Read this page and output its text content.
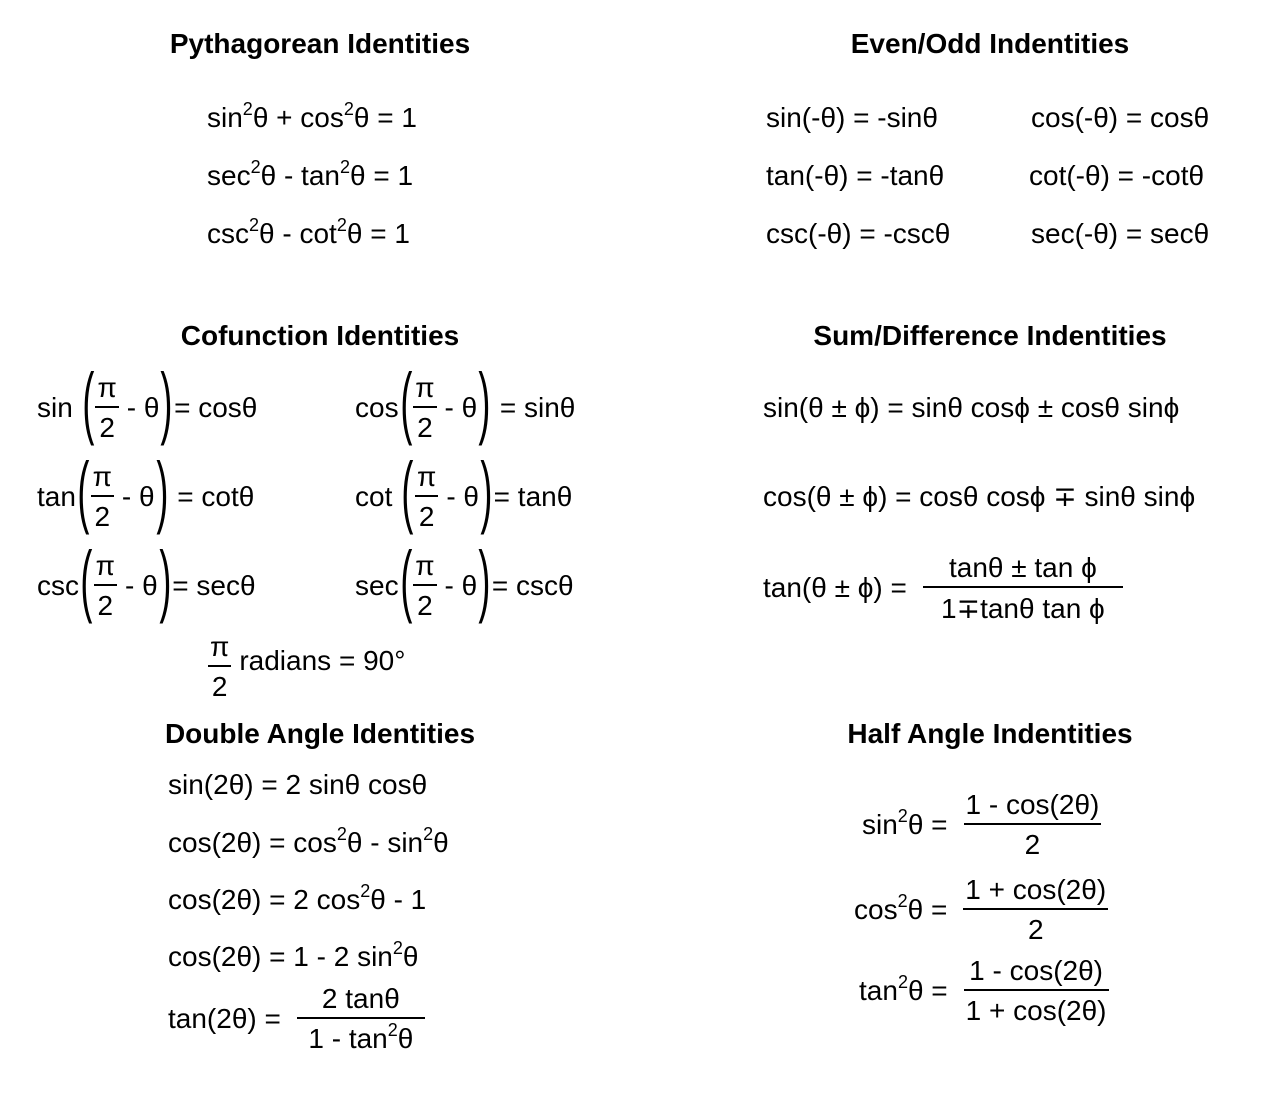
Pythagorean Identities
$\sin^2\theta + \cos^2\theta = 1$
$\sec^2\theta - \tan^2\theta = 1$
$\csc^2\theta - \cot^2\theta = 1$
Even/Odd Indentities
sin(-θ) = -sinθ	cos(-θ) = cosθ
tan(-θ) = -tanθ	cot(-θ) = -cotθ
csc(-θ) = -cscθ	sec(-θ) = secθ
Cofunction Identities
sin ( $\frac{\pi}{2}$ - θ ) = cosθ	cos ( $\frac{\pi}{2}$ - θ ) = sinθ
tan ( $\frac{\pi}{2}$ - θ ) = cotθ	cot ( $\frac{\pi}{2}$ - θ ) = tanθ
csc ( $\frac{\pi}{2}$ - θ ) = secθ	sec ( $\frac{\pi}{2}$ - θ ) = cscθ
$\frac{\pi}{2}$ radians = 90°
Sum/Difference Indentities
sin(θ ± ϕ) = sinθ cosϕ ± cosθ sinϕ
cos(θ ± ϕ) = cosθ cosϕ ∓ sinθ sinϕ
$\tan(\theta \pm \phi) = \frac{\text{tanθ ± tan ϕ}}{\text{1∓tanθ tan ϕ}}$
Double Angle Identities
sin(2θ) = 2 sinθ cosθ
$\cos(2\theta) = \cos^2\theta - \sin^2\theta$
cos(2θ) = 2 $\cos^2\theta - 1$
cos(2θ) = 1 - 2 $\sin^2\theta$
$\tan(2\theta) = \frac{2 \tan\theta}{1 - \tan^2\theta}$
Half Angle Indentities
$\sin^2\theta = \frac{1 - \cos(2\theta)}{2}$
$\cos^2\theta = \frac{1 + \cos(2\theta)}{2}$
$\tan^2\theta = \frac{1 - \cos(2\theta)}{1 + \cos(2\theta)}$
